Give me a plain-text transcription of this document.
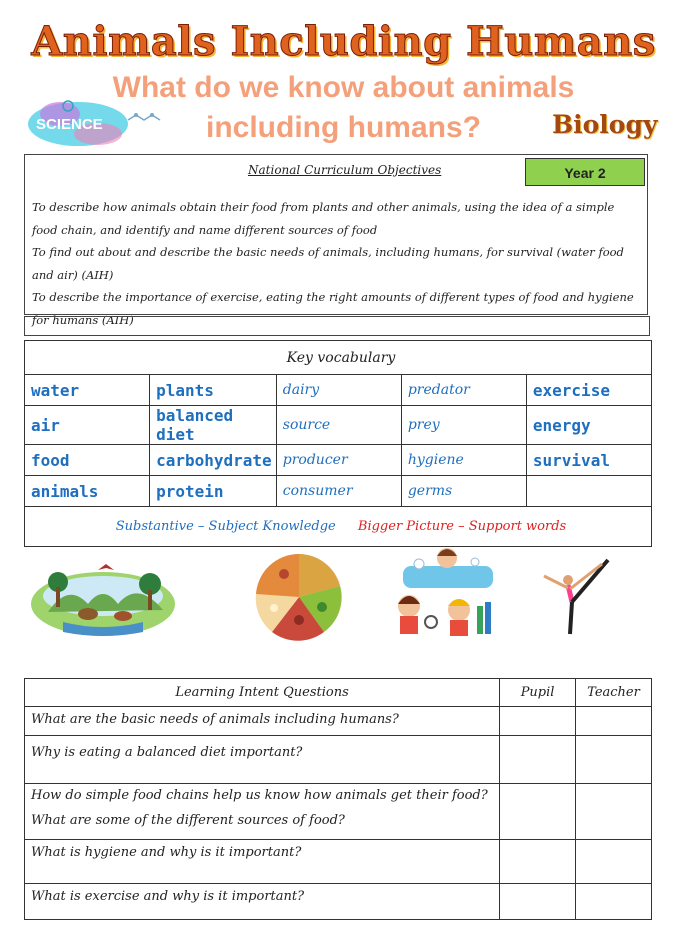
Animals Including Humans
SCIENCE
What do we know about animals
including humans?	Biology
National Curriculum Objectives	Year 2

To describe how animals obtain their food from plants and other animals, using the idea of a simple food chain, and identify and name different sources of food

To find out about and describe the basic needs of animals, including humans, for survival (water food and air) (AIH)

To describe the importance of exercise, eating the right amounts of different types of food and hygiene for humans (AIH)

Key vocabulary				
water	plants	dairy	predator	exercise
air	balanced diet	source	prey	energy
food	carbohydrate	producer	hygiene	survival
animals	protein	consumer	germs	
Substantive – Subject Knowledge Bigger Picture – Support words				
Learning Intent Questions	Pupil	Teacher
What are the basic needs of animals including humans?		
Why is eating a balanced diet important?		

How do simple food chains help us know how animals get their food?

What are some of the different sources of food?		

What is hygiene and why is it important?		
What is exercise and why is it important?		
